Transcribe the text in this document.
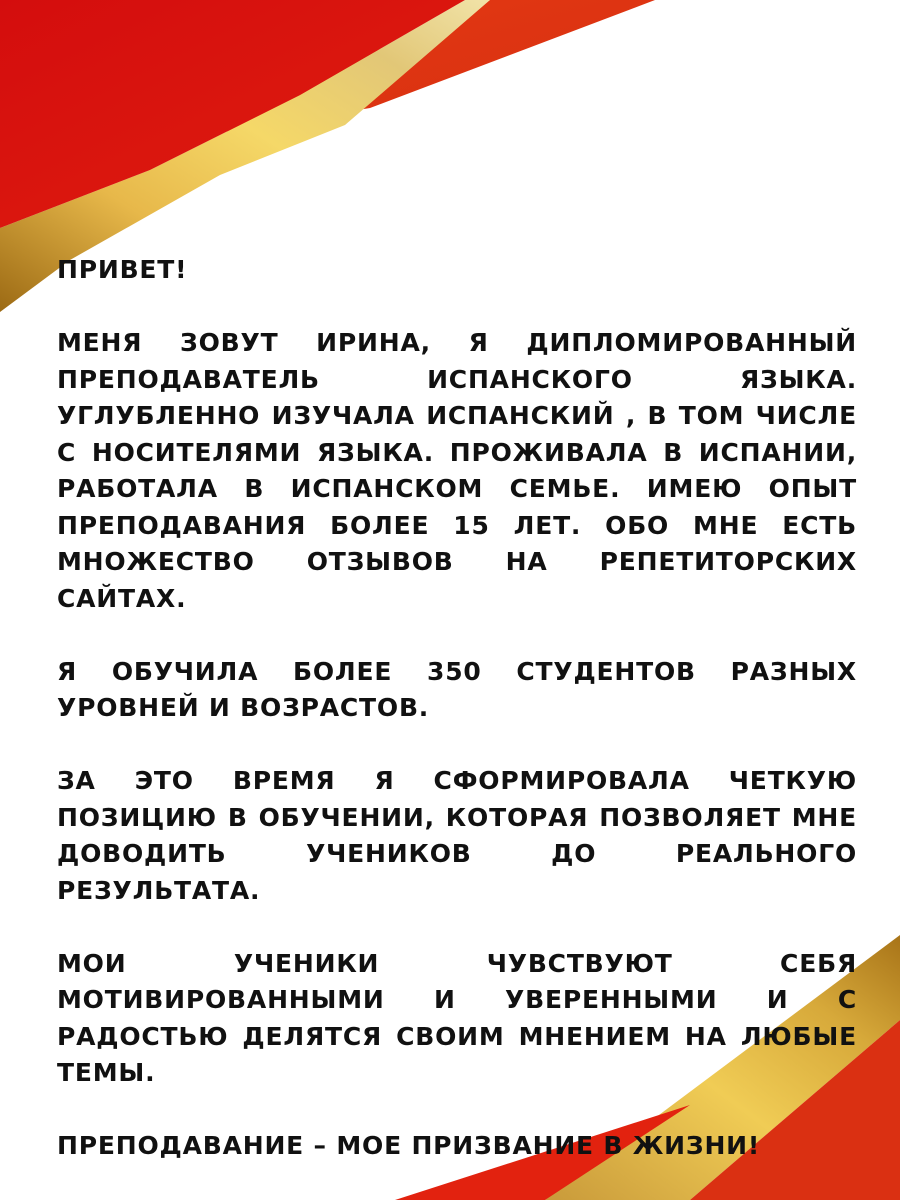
ПРИВЕТ!

МЕНЯ ЗОВУТ ИРИНА, Я ДИПЛОМИРОВАННЫЙ ПРЕПОДАВАТЕЛЬ ИСПАНСКОГО ЯЗЫКА. УГЛУБЛЕННО ИЗУЧАЛА ИСПАНСКИЙ , В ТОМ ЧИСЛЕ С НОСИТЕЛЯМИ ЯЗЫКА. ПРОЖИВАЛА В ИСПАНИИ, РАБОТАЛА В ИСПАНСКОМ СЕМЬЕ. ИМЕЮ ОПЫТ ПРЕПОДАВАНИЯ БОЛЕЕ 15 ЛЕТ. ОБО МНЕ ЕСТЬ МНОЖЕСТВО ОТЗЫВОВ НА РЕПЕТИТОРСКИХ САЙТАХ.

Я ОБУЧИЛА БОЛЕЕ 350 СТУДЕНТОВ РАЗНЫХ УРОВНЕЙ И ВОЗРАСТОВ.

ЗА ЭТО ВРЕМЯ Я СФОРМИРОВАЛА ЧЕТКУЮ ПОЗИЦИЮ В ОБУЧЕНИИ, КОТОРАЯ ПОЗВОЛЯЕТ МНЕ ДОВОДИТЬ УЧЕНИКОВ ДО РЕАЛЬНОГО РЕЗУЛЬТАТА.

МОИ УЧЕНИКИ ЧУВСТВУЮТ СЕБЯ МОТИВИРОВАННЫМИ И УВЕРЕННЫМИ И С РАДОСТЬЮ ДЕЛЯТСЯ СВОИМ МНЕНИЕМ НА ЛЮБЫЕ ТЕМЫ.

ПРЕПОДАВАНИЕ – МОЕ ПРИЗВАНИЕ В ЖИЗНИ!
